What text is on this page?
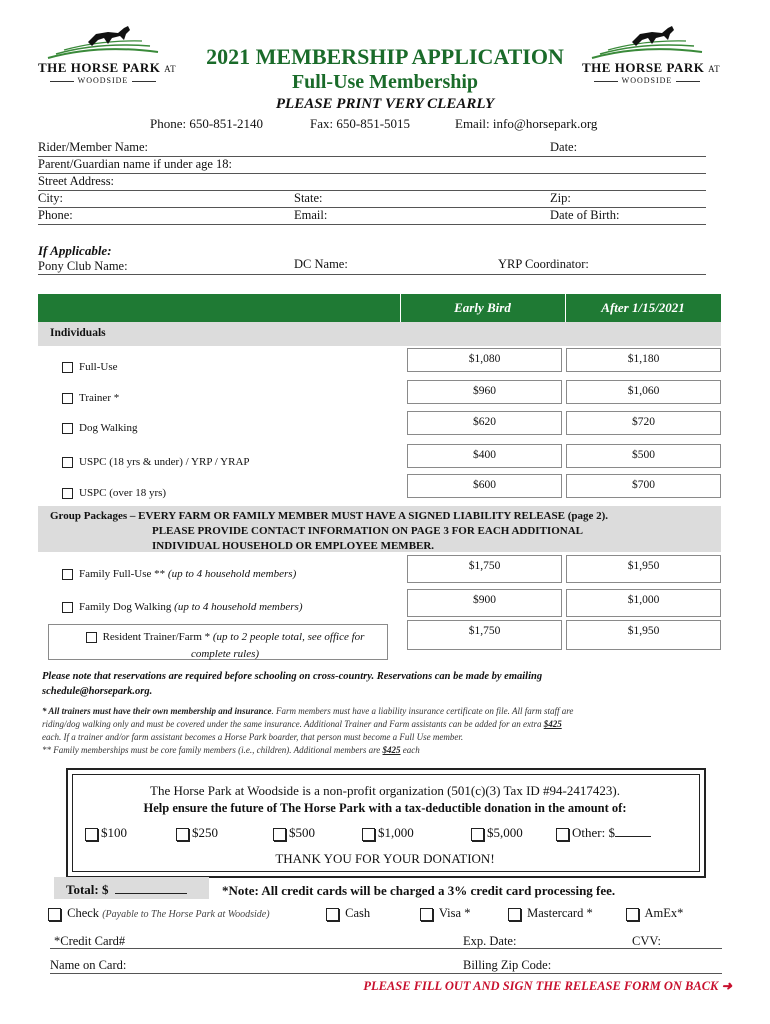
THE HORSE PARK AT
WOODSIDE
THE HORSE PARK AT
WOODSIDE
2021 MEMBERSHIP APPLICATION
Full-Use Membership
PLEASE PRINT VERY CLEARLY
Phone: 650-851-2140	Fax: 650-851-5015	Email: info@horsepark.org
Rider/Member Name:	Date:
Parent/Guardian name if under age 18:
Street Address:
City:	State:	Zip:
Phone:	Email:	Date of Birth:
If Applicable:
Pony Club Name:	DC Name:	YRP Coordinator:
Early Bird	After 1/15/2021
Individuals
Full-Use
$1,080	$1,180
Trainer *
$960	$1,060
Dog Walking	$620	$720
USPC (18 yrs & under) / YRP / YRAP
$400	$500
USPC (over 18 yrs)
$600	$700
Group Packages – EVERY FARM OR FAMILY MEMBER MUST HAVE A SIGNED LIABILITY RELEASE (page 2).
PLEASE PROVIDE CONTACT INFORMATION ON PAGE 3 FOR EACH ADDITIONAL
INDIVIDUAL HOUSEHOLD OR EMPLOYEE MEMBER.
Family Full-Use ** (up to 4 household members)
$1,750	$1,950
Family Dog Walking (up to 4 household members)
$900	$1,000
Resident Trainer/Farm * (up to 2 people total, see office for
complete rules)
$1,750	$1,950
Please note that reservations are required before schooling on cross-country. Reservations can be made by emailing
schedule@horsepark.org.
* All trainers must have their own membership and insurance. Farm members must have a liability insurance certificate on file. All farm staff are
riding/dog walking only and must be covered under the same insurance. Additional Trainer and Farm assistants can be added for an extra $425
each. If a trainer and/or farm assistant becomes a Horse Park boarder, that person must become a Full Use member.
** Family memberships must be core family members (i.e., children). Additional members are $425 each
The Horse Park at Woodside is a non-profit organization (501(c)(3) Tax ID #94-2417423).
Help ensure the future of The Horse Park with a tax-deductible donation in the amount of:
$100	$250	$500	$1,000	$5,000	Other: $
THANK YOU FOR YOUR DONATION!
Total: $	*Note: All credit cards will be charged a 3% credit card processing fee.
Check (Payable to The Horse Park at Woodside)	Cash	Visa *	Mastercard *	AmEx*
*Credit Card#	Exp. Date:	CVV:
Name on Card:	Billing Zip Code:
PLEASE FILL OUT AND SIGN THE RELEASE FORM ON BACK ➜
